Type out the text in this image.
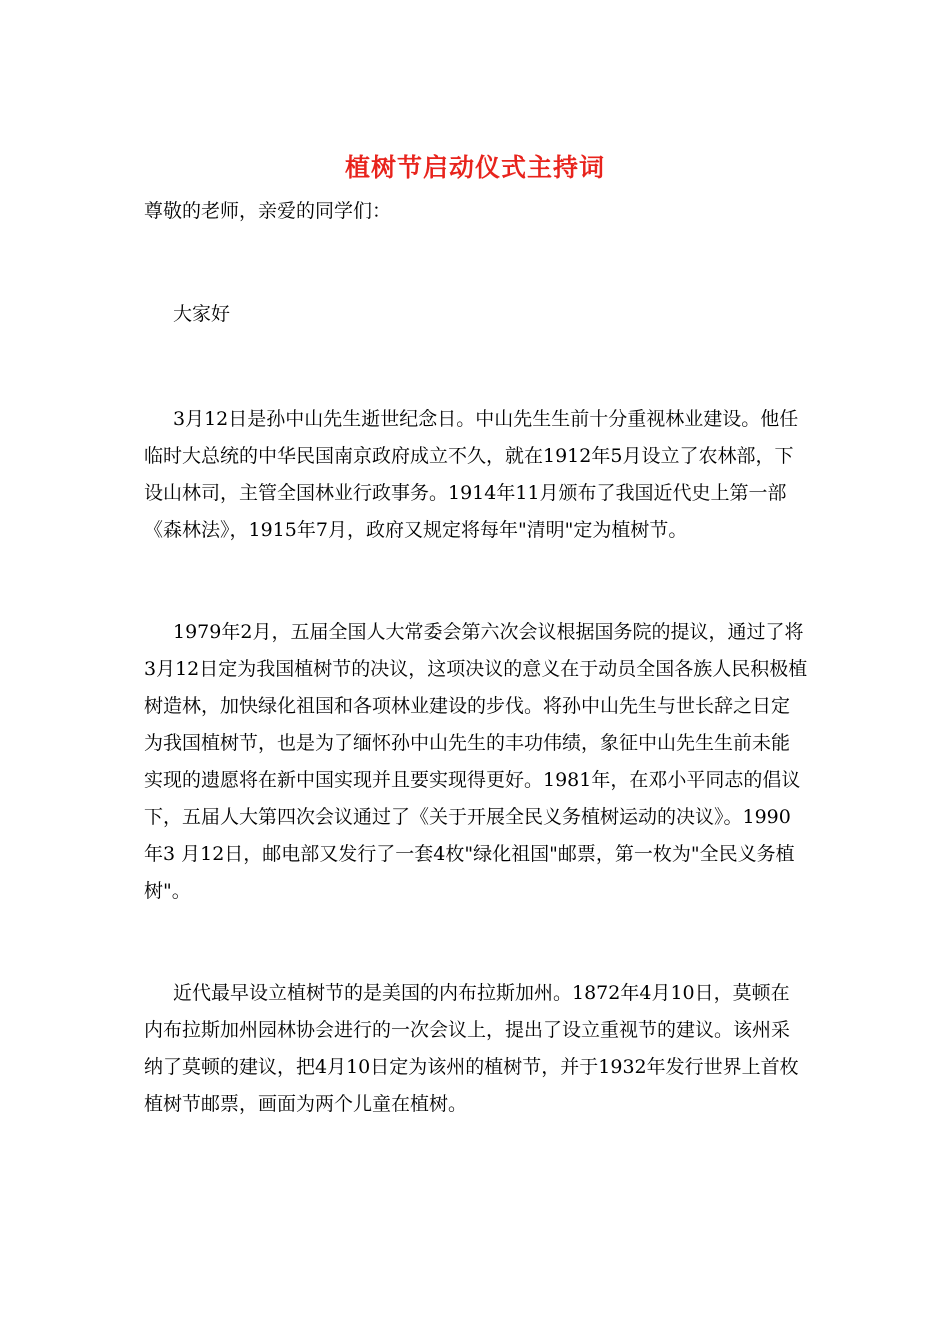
植树节启动仪式主持词

尊敬的老师，亲爱的同学们：

大家好

3月12日是孙中山先生逝世纪念日。中山先生生前十分重视林业建设。他任临时大总统的中华民国南京政府成立不久，就在1912年5月设立了农林部，下设山林司，主管全国林业行政事务。1914年11月颁布了我国近代史上第一部《森林法》，1915年7月，政府又规定将每年"清明"定为植树节。

1979年2月，五届全国人大常委会第六次会议根据国务院的提议，通过了将3月12日定为我国植树节的决议，这项决议的意义在于动员全国各族人民积极植树造林，加快绿化祖国和各项林业建设的步伐。将孙中山先生与世长辞之日定为我国植树节，也是为了缅怀孙中山先生的丰功伟绩，象征中山先生生前未能实现的遗愿将在新中国实现并且要实现得更好。1981年，在邓小平同志的倡议下，五届人大第四次会议通过了《关于开展全民义务植树运动的决议》。1990年3 月12日，邮电部又发行了一套4枚"绿化祖国"邮票，第一枚为"全民义务植树"。

近代最早设立植树节的是美国的内布拉斯加州。1872年4月10日，莫顿在内布拉斯加州园林协会进行的一次会议上，提出了设立重视节的建议。该州采纳了莫顿的建议，把4月10日定为该州的植树节，并于1932年发行世界上首枚植树节邮票，画面为两个儿童在植树。
